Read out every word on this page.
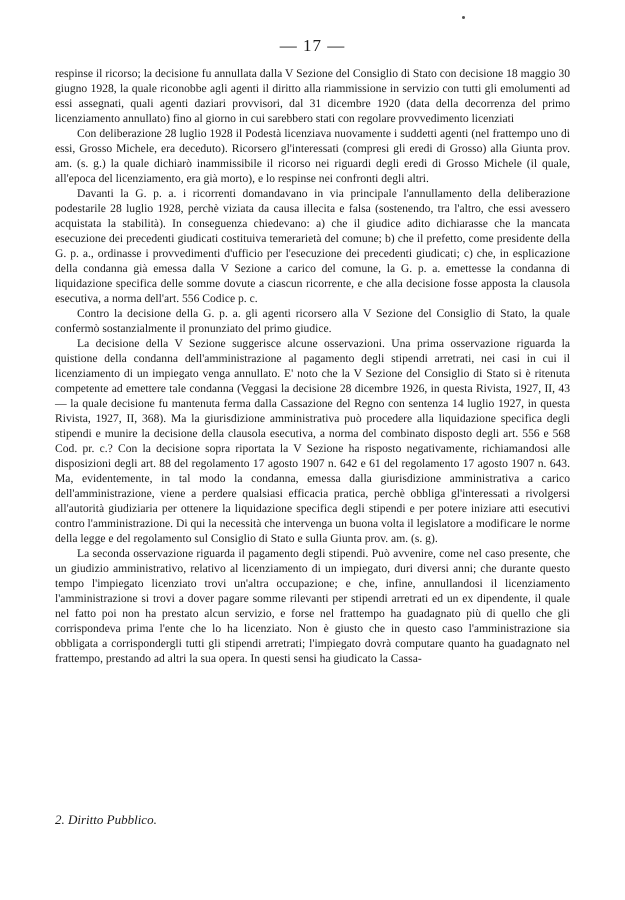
— 17 —

respinse il ricorso; la decisione fu annullata dalla V Sezione del Consiglio di Stato con decisione 18 maggio 30 giugno 1928, la quale riconobbe agli agenti il diritto alla riammissione in servizio con tutti gli emolumenti ad essi assegnati, quali agenti daziari provvisori, dal 31 dicembre 1920 (data della decorrenza del primo licenziamento annullato) fino al giorno in cui sarebbero stati con regolare provvedimento licenziati

Con deliberazione 28 luglio 1928 il Podestà licenziava nuovamente i suddetti agenti (nel frattempo uno di essi, Grosso Michele, era deceduto). Ricorsero gl'interessati (compresi gli eredi di Grosso) alla Giunta prov. am. (s. g.) la quale dichiarò inammissibile il ricorso nei riguardi degli eredi di Grosso Michele (il quale, all'epoca del licenziamento, era già morto), e lo respinse nei confronti degli altri.

Davanti la G. p. a. i ricorrenti domandavano in via principale l'annullamento della deliberazione podestarile 28 luglio 1928, perchè viziata da causa illecita e falsa (sostenendo, tra l'altro, che essi avessero acquistata la stabilità). In conseguenza chiedevano: a) che il giudice adito dichiarasse che la mancata esecuzione dei precedenti giudicati costituiva temerarietà del comune; b) che il prefetto, come presidente della G. p. a., ordinasse i provvedimenti d'ufficio per l'esecuzione dei precedenti giudicati; c) che, in esplicazione della condanna già emessa dalla V Sezione a carico del comune, la G. p. a. emettesse la condanna di liquidazione specifica delle somme dovute a ciascun ricorrente, e che alla decisione fosse apposta la clausola esecutiva, a norma dell'art. 556 Codice p. c.

Contro la decisione della G. p. a. gli agenti ricorsero alla V Sezione del Consiglio di Stato, la quale confermò sostanzialmente il pronunziato del primo giudice.

La decisione della V Sezione suggerisce alcune osservazioni. Una prima osservazione riguarda la quistione della condanna dell'amministrazione al pagamento degli stipendi arretrati, nei casi in cui il licenziamento di un impiegato venga annullato. E' noto che la V Sezione del Consiglio di Stato si è ritenuta competente ad emettere tale condanna (Veggasi la decisione 28 dicembre 1926, in questa Rivista, 1927, II, 43 — la quale decisione fu mantenuta ferma dalla Cassazione del Regno con sentenza 14 luglio 1927, in questa Rivista, 1927, II, 368). Ma la giurisdizione amministrativa può procedere alla liquidazione specifica degli stipendi e munire la decisione della clausola esecutiva, a norma del combinato disposto degli art. 556 e 568 Cod. pr. c.? Con la decisione sopra riportata la V Sezione ha risposto negativamente, richiamandosi alle disposizioni degli art. 88 del regolamento 17 agosto 1907 n. 642 e 61 del regolamento 17 agosto 1907 n. 643. Ma, evidentemente, in tal modo la condanna, emessa dalla giurisdizione amministrativa a carico dell'amministrazione, viene a perdere qualsiasi efficacia pratica, perchè obbliga gl'interessati a rivolgersi all'autorità giudiziaria per ottenere la liquidazione specifica degli stipendi e per potere iniziare atti esecutivi contro l'amministrazione. Di qui la necessità che intervenga un buona volta il legislatore a modificare le norme della legge e del regolamento sul Consiglio di Stato e sulla Giunta prov. am. (s. g).

La seconda osservazione riguarda il pagamento degli stipendi. Può avvenire, come nel caso presente, che un giudizio amministrativo, relativo al licenziamento di un impiegato, duri diversi anni; che durante questo tempo l'impiegato licenziato trovi un'altra occupazione; e che, infine, annullandosi il licenziamento l'amministrazione si trovi a dover pagare somme rilevanti per stipendi arretrati ed un ex dipendente, il quale nel fatto poi non ha prestato alcun servizio, e forse nel frattempo ha guadagnato più di quello che gli corrispondeva prima l'ente che lo ha licenziato. Non è giusto che in questo caso l'amministrazione sia obbligata a corrispondergli tutti gli stipendi arretrati; l'impiegato dovrà computare quanto ha guadagnato nel frattempo, prestando ad altri la sua opera. In questi sensi ha giudicato la Cassa-

2. Diritto Pubblico.
